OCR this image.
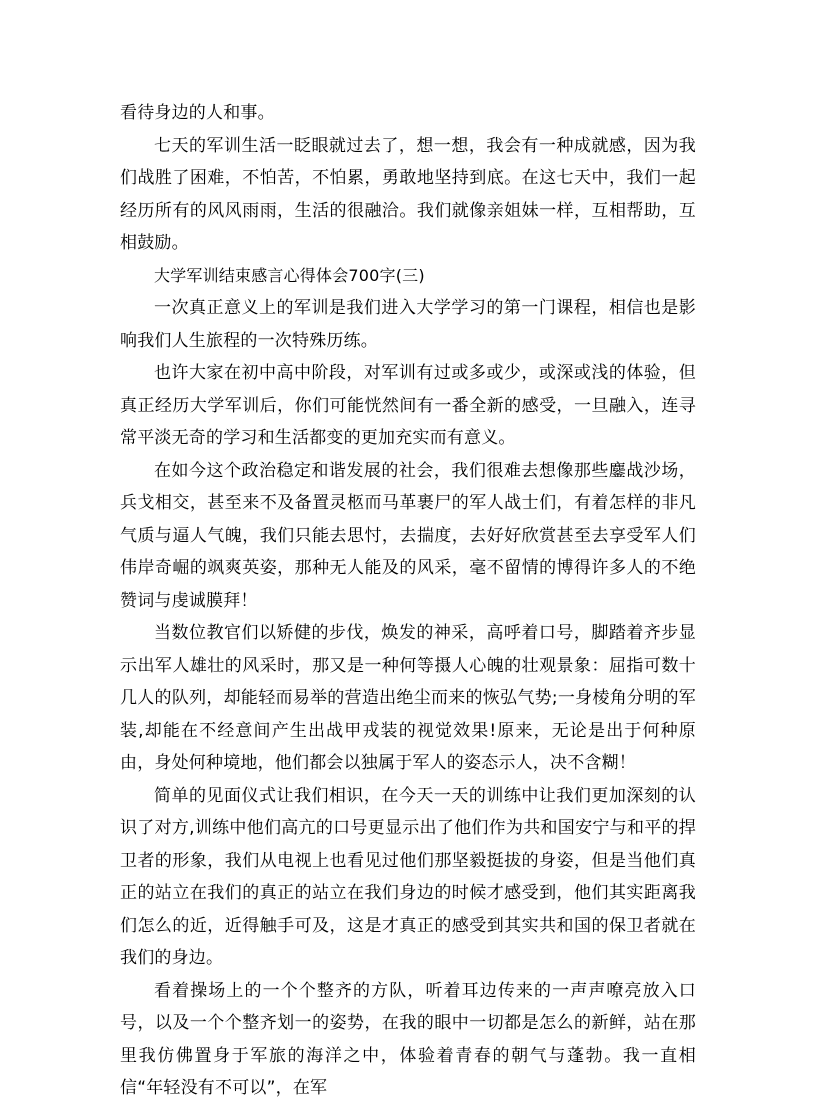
看待身边的人和事。

七天的军训生活一眨眼就过去了，想一想，我会有一种成就感，因为我们战胜了困难，不怕苦，不怕累，勇敢地坚持到底。在这七天中，我们一起经历所有的风风雨雨，生活的很融洽。我们就像亲姐妹一样，互相帮助，互相鼓励。

大学军训结束感言心得体会700字(三)

一次真正意义上的军训是我们进入大学学习的第一门课程，相信也是影响我们人生旅程的一次特殊历练。

也许大家在初中高中阶段，对军训有过或多或少，或深或浅的体验，但真正经历大学军训后，你们可能恍然间有一番全新的感受，一旦融入，连寻常平淡无奇的学习和生活都变的更加充实而有意义。

在如今这个政治稳定和谐发展的社会，我们很难去想像那些鏖战沙场，兵戈相交，甚至来不及备置灵柩而马革裹尸的军人战士们，有着怎样的非凡气质与逼人气魄，我们只能去思忖，去揣度，去好好欣赏甚至去享受军人们伟岸奇崛的飒爽英姿，那种无人能及的风采，毫不留情的博得许多人的不绝赞词与虔诚膜拜！

当数位教官们以矫健的步伐，焕发的神采，高呼着口号，脚踏着齐步显示出军人雄壮的风采时，那又是一种何等摄人心魄的壮观景象：屈指可数十几人的队列，却能轻而易举的营造出绝尘而来的恢弘气势;一身棱角分明的军装,却能在不经意间产生出战甲戎装的视觉效果!原来，无论是出于何种原由，身处何种境地，他们都会以独属于军人的姿态示人，决不含糊！

简单的见面仪式让我们相识，在今天一天的训练中让我们更加深刻的认识了对方,训练中他们高亢的口号更显示出了他们作为共和国安宁与和平的捍卫者的形象，我们从电视上也看见过他们那坚毅挺拔的身姿，但是当他们真正的站立在我们的真正的站立在我们身边的时候才感受到，他们其实距离我们怎么的近，近得触手可及，这是才真正的感受到其实共和国的保卫者就在我们的身边。

看着操场上的一个个整齐的方队，听着耳边传来的一声声嘹亮放入口号，以及一个个整齐划一的姿势，在我的眼中一切都是怎么的新鲜，站在那里我仿佛置身于军旅的海洋之中，体验着青春的朝气与蓬勃。我一直相信“年轻没有不可以”，在军
